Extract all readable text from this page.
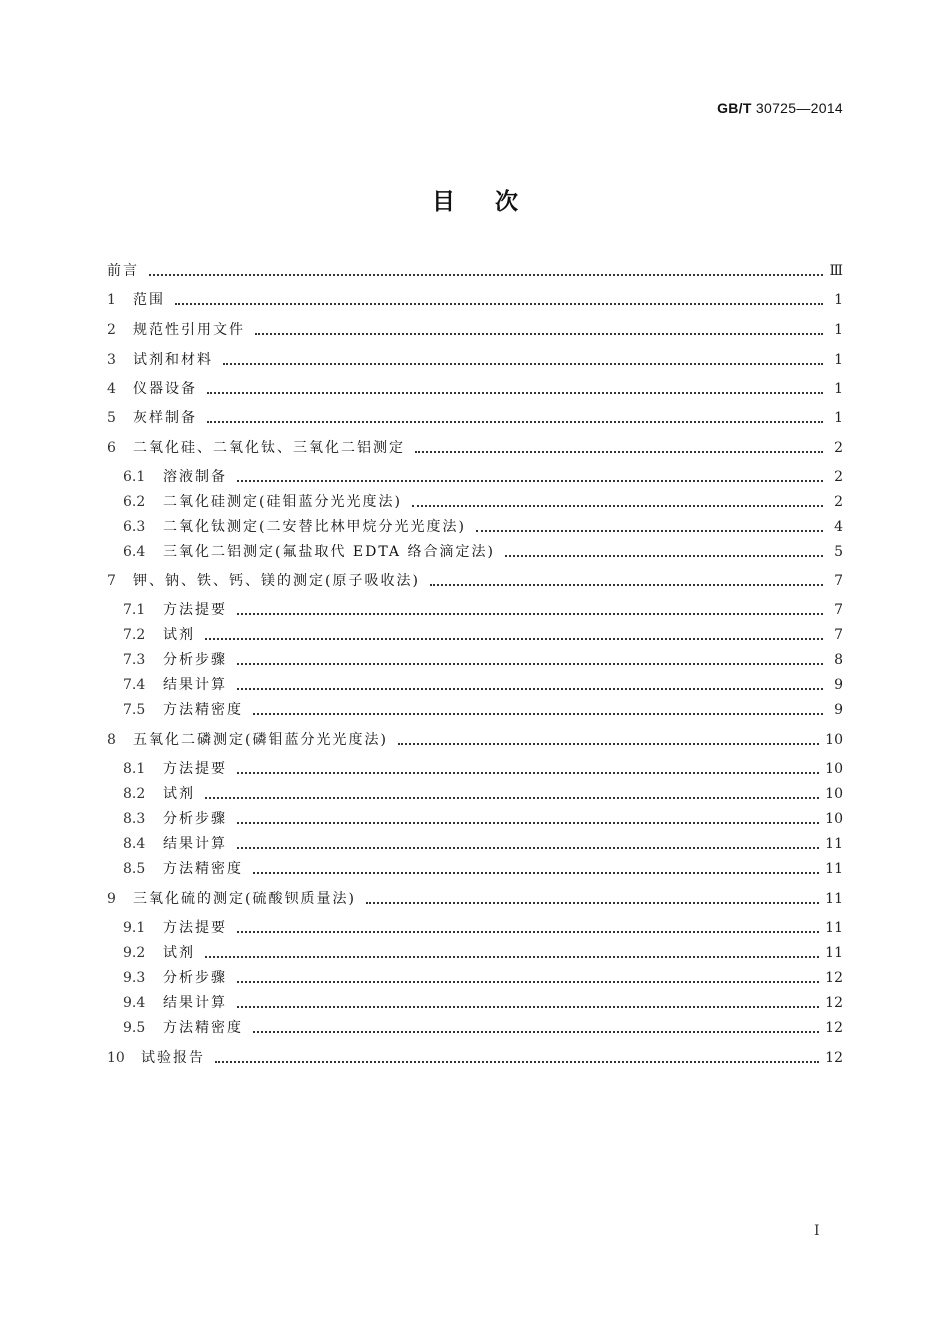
GB/T 30725—2014
目次
前言	Ⅲ
1	范围	1
2	规范性引用文件	1
3	试剂和材料	1
4	仪器设备	1
5	灰样制备	1
6	二氧化硅、二氧化钛、三氧化二铝测定	2
6.1	溶液制备	2
6.2	二氧化硅测定(硅钼蓝分光光度法)	2
6.3	二氧化钛测定(二安替比林甲烷分光光度法)	4
6.4	三氧化二铝测定(氟盐取代 EDTA 络合滴定法)	5
7	钾、钠、铁、钙、镁的测定(原子吸收法)	7
7.1	方法提要	7
7.2	试剂	7
7.3	分析步骤	8
7.4	结果计算	9
7.5	方法精密度	9
8	五氧化二磷测定(磷钼蓝分光光度法)	10
8.1	方法提要	10
8.2	试剂	10
8.3	分析步骤	10
8.4	结果计算	11
8.5	方法精密度	11
9	三氧化硫的测定(硫酸钡质量法)	11
9.1	方法提要	11
9.2	试剂	11
9.3	分析步骤	12
9.4	结果计算	12
9.5	方法精密度	12
10	试验报告	12
I
